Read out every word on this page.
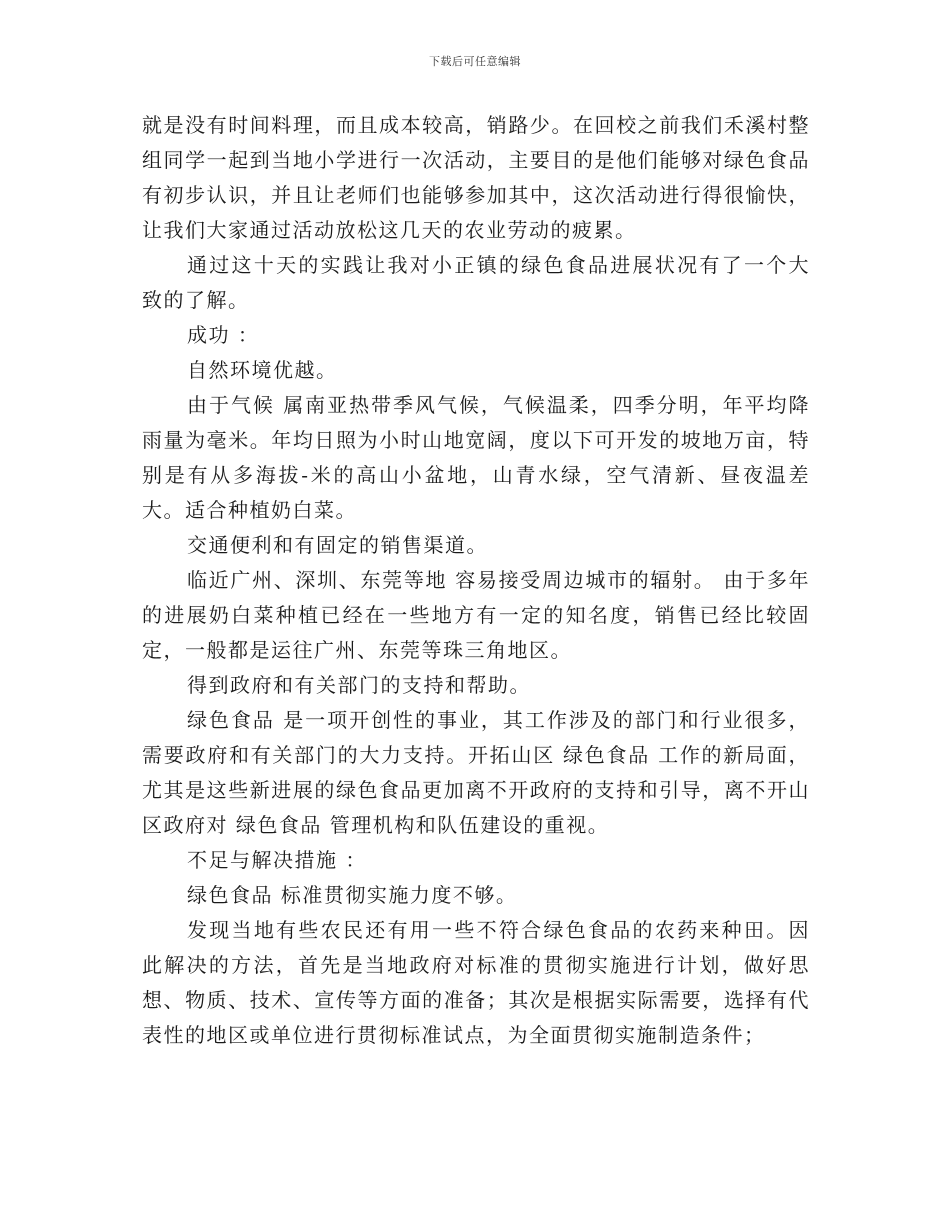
下载后可任意编辑

就是没有时间料理，而且成本较高，销路少。在回校之前我们禾溪村整组同学一起到当地小学进行一次活动，主要目的是他们能够对绿色食品有初步认识，并且让老师们也能够参加其中，这次活动进行得很愉快，让我们大家通过活动放松这几天的农业劳动的疲累。

通过这十天的实践让我对小正镇的绿色食品进展状况有了一个大致的了解。

成功 ：

自然环境优越。

由于气候 属南亚热带季风气候，气候温柔，四季分明，年平均降雨量为毫米。年均日照为小时山地宽阔，度以下可开发的坡地万亩，特别是有从多海拔-米的高山小盆地，山青水绿，空气清新、昼夜温差大。适合种植奶白菜。

交通便利和有固定的销售渠道。

临近广州、深圳、东莞等地 容易接受周边城市的辐射。 由于多年的进展奶白菜种植已经在一些地方有一定的知名度，销售已经比较固定，一般都是运往广州、东莞等珠三角地区。

得到政府和有关部门的支持和帮助。

绿色食品 是一项开创性的事业，其工作涉及的部门和行业很多，需要政府和有关部门的大力支持。开拓山区 绿色食品 工作的新局面，尤其是这些新进展的绿色食品更加离不开政府的支持和引导，离不开山区政府对 绿色食品 管理机构和队伍建设的重视。

不足与解决措施 ：

绿色食品 标准贯彻实施力度不够。

发现当地有些农民还有用一些不符合绿色食品的农药来种田。因此解决的方法，首先是当地政府对标准的贯彻实施进行计划，做好思想、物质、技术、宣传等方面的准备；其次是根据实际需要，选择有代表性的地区或单位进行贯彻标准试点，为全面贯彻实施制造条件；
